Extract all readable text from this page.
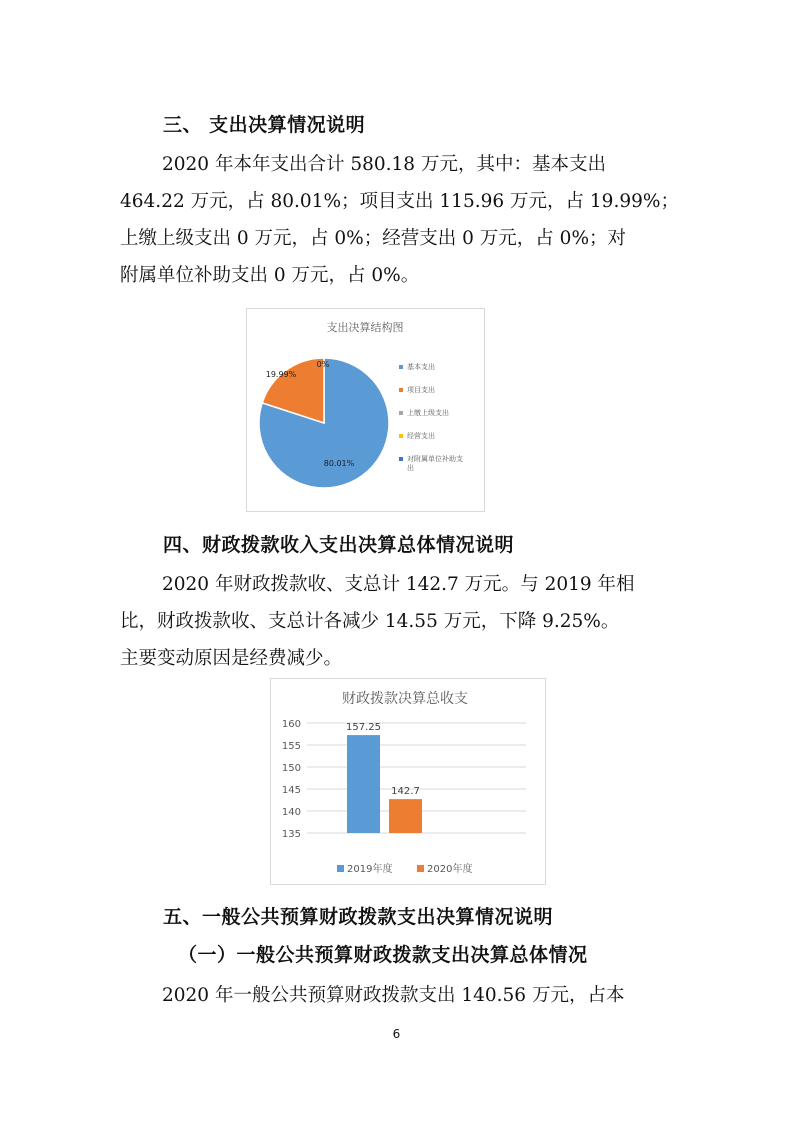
三、 支出决算情况说明
2020 年本年支出合计 580.18 万元，其中：基本支出
464.22 万元，占 80.01%；项目支出 115.96 万元，占 19.99%；
上缴上级支出 0 万元，占 0%；经营支出 0 万元，占 0%；对
附属单位补助支出 0 万元，占 0%。
支出决算结构图
80.01%
19.99%
0%	基本支出
项目支出
上缴上级支出
经营支出
对附属单位补助支
出
四、财政拨款收入支出决算总体情况说明
2020 年财政拨款收、支总计 142.7 万元。与 2019 年相
比，财政拨款收、支总计各减少 14.55 万元，下降 9.25%。
主要变动原因是经费减少。
财政拨款决算总收支
135
140
145
150
155
160	157.25
142.7
2019年度	2020年度
五、一般公共预算财政拨款支出决算情况说明
（一）一般公共预算财政拨款支出决算总体情况
2020 年一般公共预算财政拨款支出 140.56 万元，占本
6
